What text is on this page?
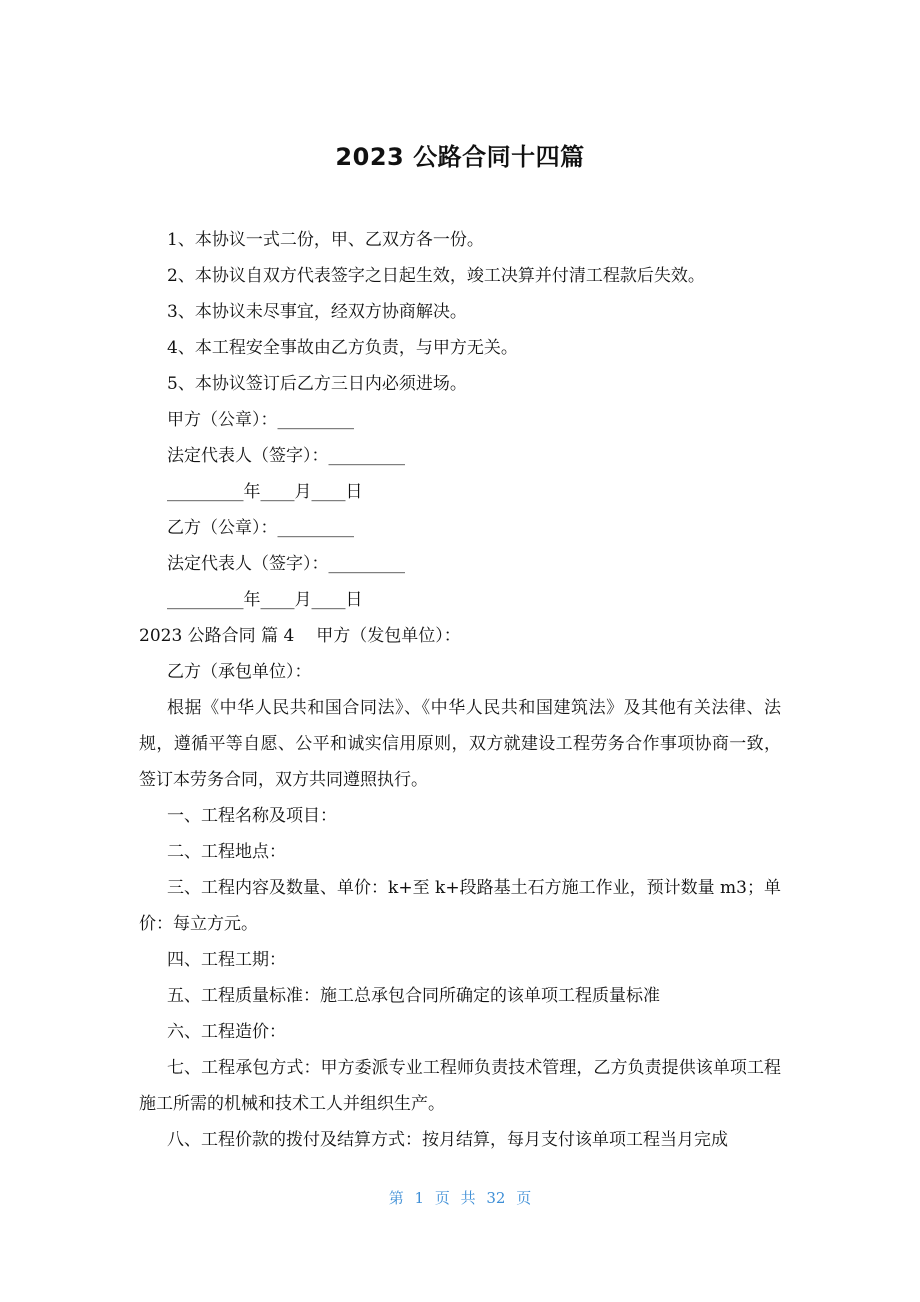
2023 公路合同十四篇
1、本协议一式二份，甲、乙双方各一份。
2、本协议自双方代表签字之日起生效，竣工决算并付清工程款后失效。
3、本协议未尽事宜，经双方协商解决。
4、本工程安全事故由乙方负责，与甲方无关。
5、本协议签订后乙方三日内必须进场。
甲方（公章）：_________
法定代表人（签字）：_________
_________年____月____日
乙方（公章）：_________
法定代表人（签字）：_________
_________年____月____日
2023 公路合同 篇 4 甲方（发包单位）：
乙方（承包单位）：
根据《中华人民共和国合同法》、《中华人民共和国建筑法》及其他有关法律、法规，遵循平等自愿、公平和诚实信用原则，双方就建设工程劳务合作事项协商一致，签订本劳务合同，双方共同遵照执行。
一、工程名称及项目：
二、工程地点：
三、工程内容及数量、单价：k+至 k+段路基土石方施工作业，预计数量 m3；单价：每立方元。
四、工程工期：
五、工程质量标准：施工总承包合同所确定的该单项工程质量标准
六、工程造价：
七、工程承包方式：甲方委派专业工程师负责技术管理，乙方负责提供该单项工程施工所需的机械和技术工人并组织生产。
八、工程价款的拨付及结算方式：按月结算，每月支付该单项工程当月完成
第 1 页 共 32 页
